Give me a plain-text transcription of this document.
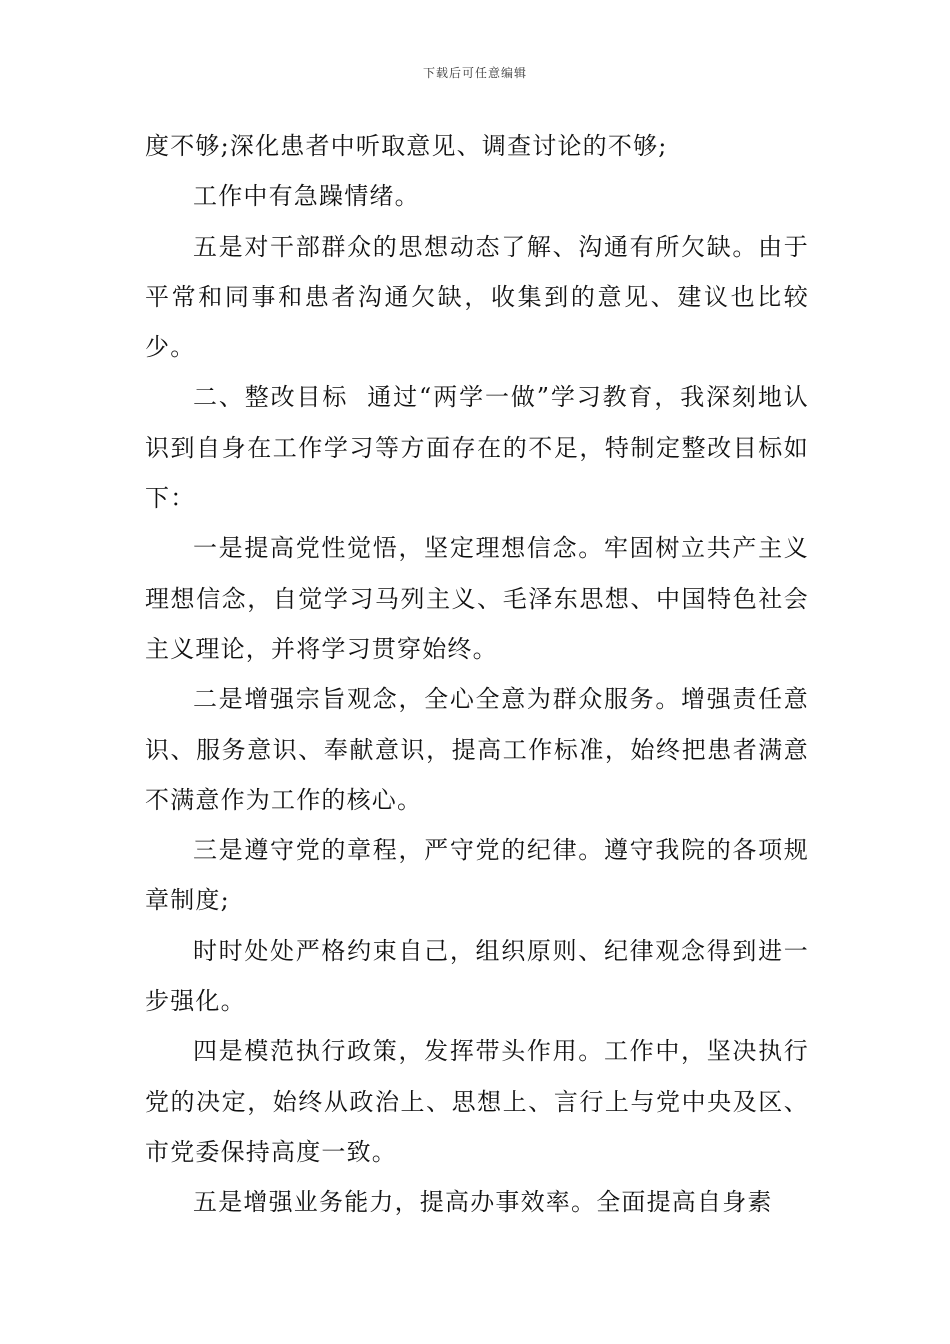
下载后可任意编辑

度不够;深化患者中听取意见、调查讨论的不够;

工作中有急躁情绪。

五是对干部群众的思想动态了解、沟通有所欠缺。由于平常和同事和患者沟通欠缺，收集到的意见、建议也比较少。

二、整改目标  通过“两学一做”学习教育，我深刻地认识到自身在工作学习等方面存在的不足，特制定整改目标如下：

一是提高党性觉悟，坚定理想信念。牢固树立共产主义理想信念，自觉学习马列主义、毛泽东思想、中国特色社会主义理论，并将学习贯穿始终。

二是增强宗旨观念，全心全意为群众服务。增强责任意识、服务意识、奉献意识，提高工作标准，始终把患者满意不满意作为工作的核心。

三是遵守党的章程，严守党的纪律。遵守我院的各项规章制度;

时时处处严格约束自己，组织原则、纪律观念得到进一步强化。

四是模范执行政策，发挥带头作用。工作中，坚决执行党的决定，始终从政治上、思想上、言行上与党中央及区、市党委保持高度一致。

五是增强业务能力，提高办事效率。全面提高自身素
